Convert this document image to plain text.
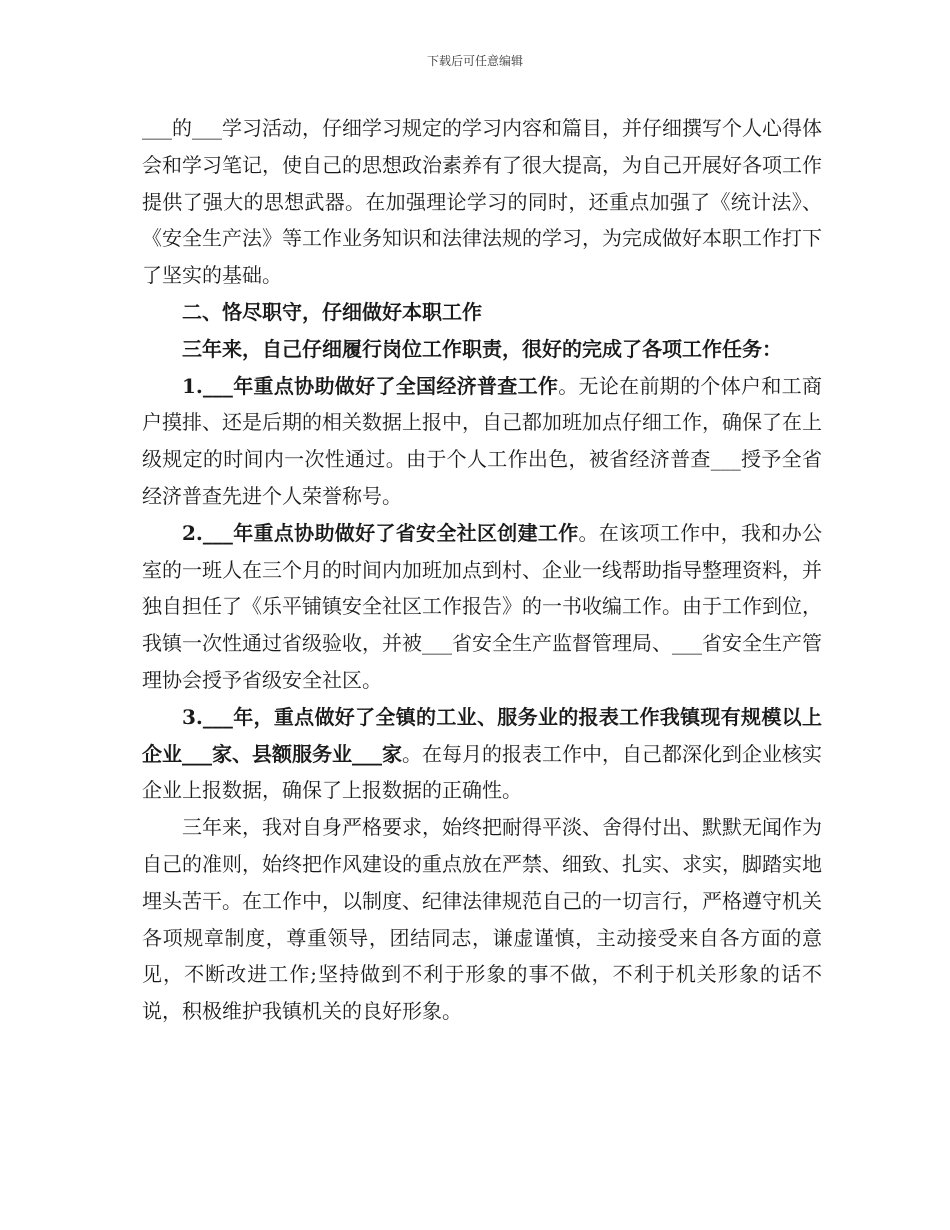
下载后可任意编辑

___的___学习活动，仔细学习规定的学习内容和篇目，并仔细撰写个人心得体会和学习笔记，使自己的思想政治素养有了很大提高，为自己开展好各项工作提供了强大的思想武器。在加强理论学习的同时，还重点加强了《统计法》、《安全生产法》等工作业务知识和法律法规的学习，为完成做好本职工作打下了坚实的基础。

二、恪尽职守，仔细做好本职工作

三年来，自己仔细履行岗位工作职责，很好的完成了各项工作任务：

1.___年重点协助做好了全国经济普查工作。无论在前期的个体户和工商户摸排、还是后期的相关数据上报中，自己都加班加点仔细工作，确保了在上级规定的时间内一次性通过。由于个人工作出色，被省经济普查___授予全省经济普查先进个人荣誉称号。

2.___年重点协助做好了省安全社区创建工作。在该项工作中，我和办公室的一班人在三个月的时间内加班加点到村、企业一线帮助指导整理资料，并独自担任了《乐平铺镇安全社区工作报告》的一书收编工作。由于工作到位，我镇一次性通过省级验收，并被___省安全生产监督管理局、___省安全生产管理协会授予省级安全社区。

3.___年，重点做好了全镇的工业、服务业的报表工作我镇现有规模以上企业___家、县额服务业___家。在每月的报表工作中，自己都深化到企业核实企业上报数据，确保了上报数据的正确性。

三年来，我对自身严格要求，始终把耐得平淡、舍得付出、默默无闻作为自己的准则，始终把作风建设的重点放在严禁、细致、扎实、求实，脚踏实地埋头苦干。在工作中，以制度、纪律法律规范自己的一切言行，严格遵守机关各项规章制度，尊重领导，团结同志，谦虚谨慎，主动接受来自各方面的意见，不断改进工作;坚持做到不利于形象的事不做，不利于机关形象的话不说，积极维护我镇机关的良好形象。
